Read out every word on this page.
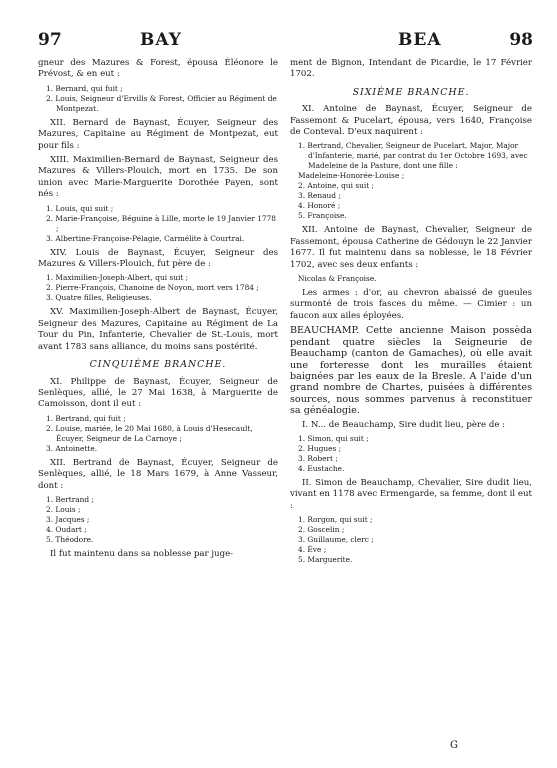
97	BAY	BEA	98
gneur des Mazures & Forest, épousa Éléonore le Prévost, & en eut :
1. Bernard, qui fuit ;
2. Louis, Seigneur d'Ervills & Forest, Officier au Régiment de Montpezat.
XII. Bernard de Baynast, Écuyer, Seigneur des Mazures, Capitaine au Régiment de Montpezat, eut pour fils :
XIII. Maximilien-Bernard de Baynast, Seigneur des Mazures & Villers-Plouich, mort en 1735. De son union avec Marie-Marguerite Dorothée Payen, sont nés :
1. Louis, qui suit ;
2. Marie-Françoise, Béguine à Lille, morte le 19 Janvier 1778 ;
3. Albertine-Françoise-Pélagie, Carmélite à Courtrai.
XIV. Louis de Baynast, Écuyer, Seigneur des Mazures & Villers-Plouich, fut père de :
1. Maximilien-Joseph-Albert, qui suit ;
2. Pierre-François, Chanoine de Noyon, mort vers 1784 ;
3. Quatre filles, Religieuses.
XV. Maximilien-Joseph-Albert de Baynast, Écuyer, Seigneur des Mazures, Capitaine au Régiment de La Tour du Pin, Infanterie, Chevalier de St.-Louis, mort avant 1783 sans alliance, du moins sans postérité.
CINQUIÈME BRANCHE.
XI. Philippe de Baynast, Écuyer, Seigneur de Senlèques, allié, le 27 Mai 1638, à Marguerite de Camoisson, dont il eut :
1. Bertrand, qui fuit ;
2. Louise, mariée, le 20 Mai 1680, à Louis d'Hesecault, Écuyer, Seigneur de La Carnoye ;
3. Antoinette.
XII. Bertrand de Baynast, Écuyer, Seigneur de Senlèques, allié, le 18 Mars 1679, à Anne Vasseur, dont :
1. Bertrand ;
2. Louis ;
3. Jacques ;
4. Oudart ;
5. Théodore.
Il fut maintenu dans sa noblesse par juge-
ment de Bignon, Intendant de Picardie, le 17 Février 1702.
SIXIÈME BRANCHE.
XI. Antoine de Baynast, Écuyer, Seigneur de Fassemont & Pucelart, épousa, vers 1640, Françoise de Conteval. D'eux naquirent :
1. Bertrand, Chevalier, Seigneur de Pucelart, Major, Major d'Infanterie, marié, par contrat du 1er Octobre 1693, avec Madeleine de la Pasture, dont une fille :
Madeleine-Honorée-Louise ;
2. Antoine, qui suit ;
3. Renaud ;
4. Honoré ;
5. Françoise.
XII. Antoine de Baynast, Chevalier, Seigneur de Fassemont, épousa Catherine de Gédouyn le 22 Janvier 1677. Il fut maintenu dans sa noblesse, le 18 Février 1702, avec ses deux enfants :
Nicolas & Françoise.
Les armes : d'or, au chevron abaissé de gueules surmonté de trois fasces du même. — Cimier : un faucon aux ailes éployées.
BEAUCHAMP. Cette ancienne Maison possèda pendant quatre siècles la Seigneurie de Beauchamp (canton de Gamaches), où elle avait une forteresse dont les murailles étaient baignées par les eaux de la Bresle. A l'aide d'un grand nombre de Chartes, puisées à différentes sources, nous sommes parvenus à reconstituer sa généalogie.
I. N... de Beauchamp, Sire dudit lieu, père de :
1. Simon, qui suit ;
2. Hugues ;
3. Robert ;
4. Eustache.
II. Simon de Beauchamp, Chevalier, Sire dudit lieu, vivant en 1178 avec Ermengarde, sa femme, dont il eut :
1. Rorgon, qui suit ;
2. Goscelin ;
3. Guillaume, clerc ;
4. Ève ;
5. Marguerite.
G
